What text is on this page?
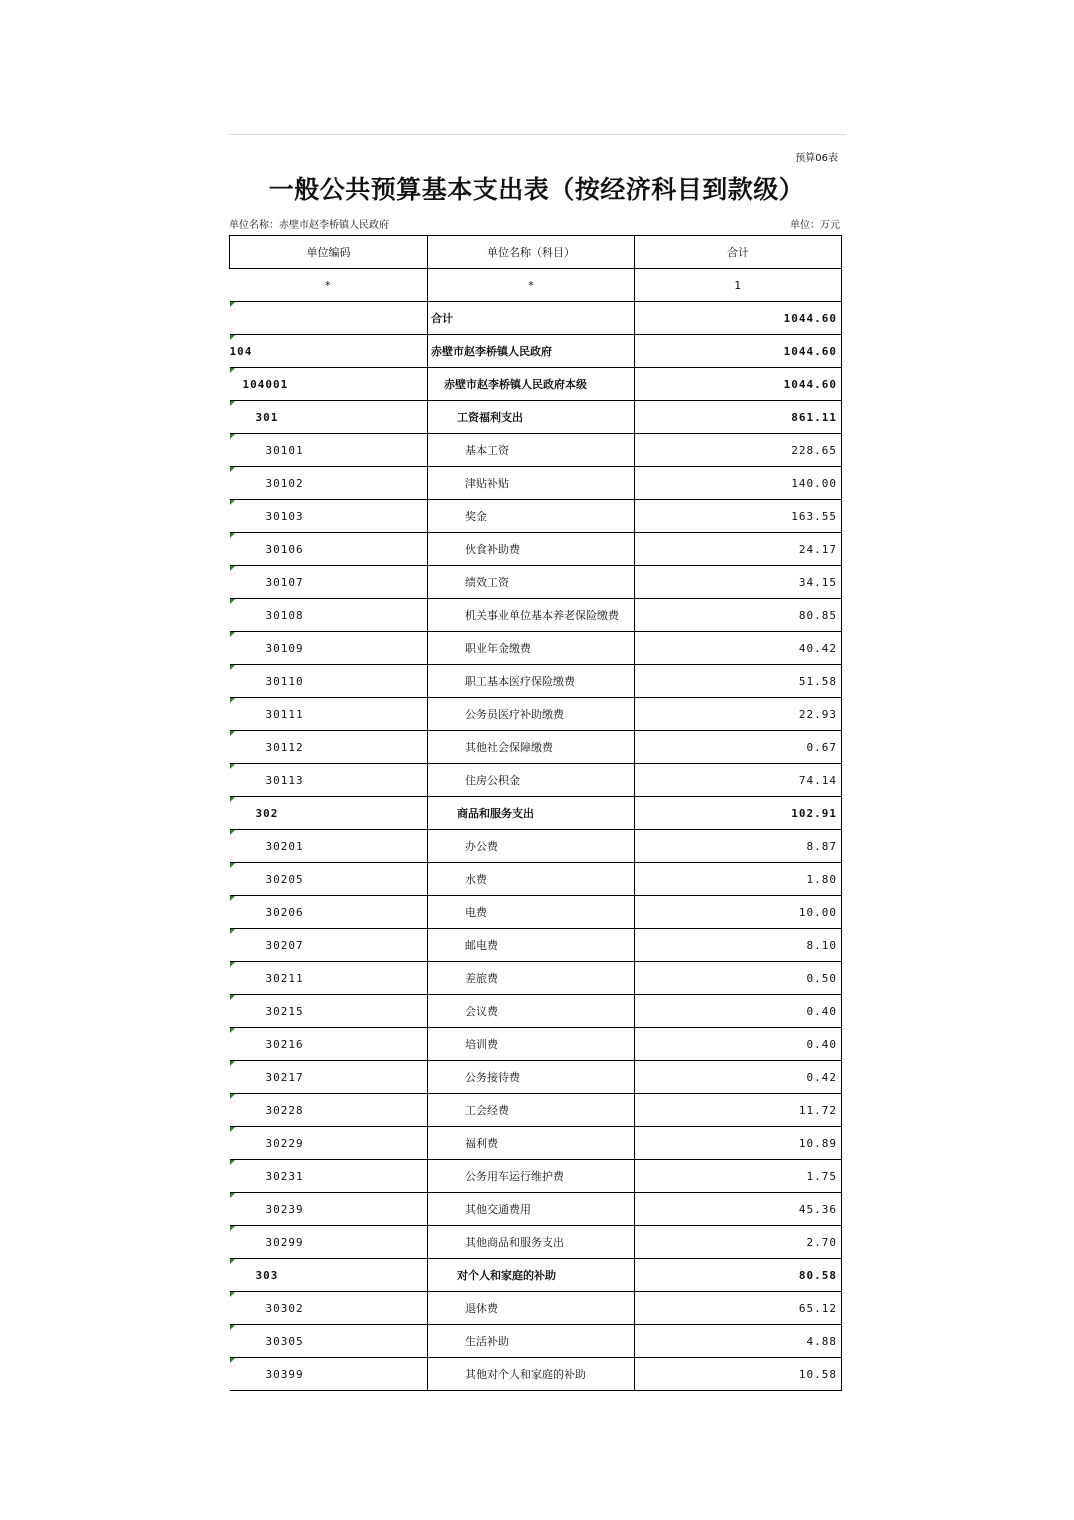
预算06表
一般公共预算基本支出表（按经济科目到款级）
单位名称：赤壁市赵李桥镇人民政府	单位：万元
单位编码	单位名称（科目）	合计
*	*	1

	合计	1044.60

104	赤壁市赵李桥镇人民政府	1044.60

104001	赤壁市赵李桥镇人民政府本级	1044.60

301	工资福利支出	861.11

30101	基本工资	228.65

30102	津贴补贴	140.00

30103	奖金	163.55

30106	伙食补助费	24.17

30107	绩效工资	34.15

30108	机关事业单位基本养老保险缴费	80.85

30109	职业年金缴费	40.42

30110	职工基本医疗保险缴费	51.58

30111	公务员医疗补助缴费	22.93

30112	其他社会保障缴费	0.67

30113	住房公积金	74.14

302	商品和服务支出	102.91

30201	办公费	8.87

30205	水费	1.80

30206	电费	10.00

30207	邮电费	8.10

30211	差旅费	0.50

30215	会议费	0.40

30216	培训费	0.40

30217	公务接待费	0.42

30228	工会经费	11.72

30229	福利费	10.89

30231	公务用车运行维护费	1.75

30239	其他交通费用	45.36

30299	其他商品和服务支出	2.70

303	对个人和家庭的补助	80.58

30302	退休费	65.12

30305	生活补助	4.88

30399	其他对个人和家庭的补助	10.58
